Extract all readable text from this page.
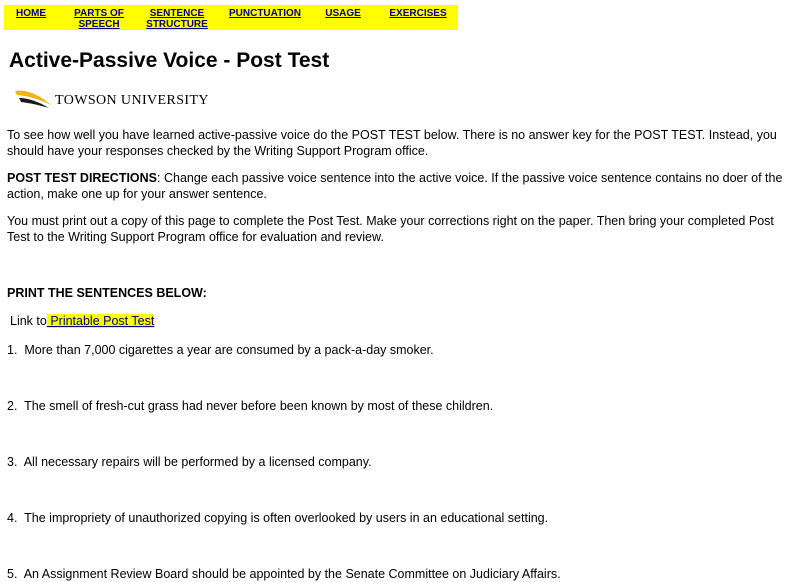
HOME	PARTS OF SPEECH
SENTENCE STRUCTURE
PUNCTUATION	USAGE	EXERCISES
Active-Passive Voice - Post Test
TOWSON UNIVERSITY

To see how well you have learned active-passive voice do the POST TEST below. There is no answer key for the POST TEST. Instead, you should have your responses checked by the Writing Support Program office.

POST TEST DIRECTIONS: Change each passive voice sentence into the active voice. If the passive voice sentence contains no doer of the action, make one up for your answer sentence.

You must print out a copy of this page to complete the Post Test. Make your corrections right on the paper. Then bring your completed Post Test to the Writing Support Program office for evaluation and review.

PRINT THE SENTENCES BELOW:

Link to Printable Post Test

1. More than 7,000 cigarettes a year are consumed by a pack-a-day smoker.

2. The smell of fresh-cut grass had never before been known by most of these children.

3. All necessary repairs will be performed by a licensed company.

4. The impropriety of unauthorized copying is often overlooked by users in an educational setting.

5. An Assignment Review Board should be appointed by the Senate Committee on Judiciary Affairs.
